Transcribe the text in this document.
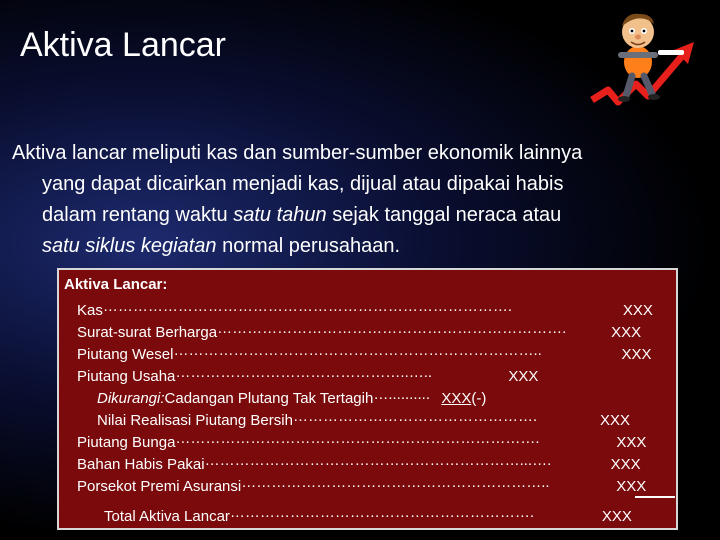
Aktiva Lancar
Aktiva lancar meliputi kas dan sumber-sumber ekonomik lainnya
yang dapat dicairkan menjadi kas, dijual atau dipakai habis
dalam rentang waktu satu tahun sejak tanggal neraca atau
satu siklus kegiatan normal perusahaan.
Aktiva Lancar:
Kas……………………………………………………………………….	XXX
Surat-surat Berharga…………………………………………………………….	XXX
Piutang Wesel………………………………………………………………..	XXX
Piutang Usaha………………………………………..…..	XXX
Dikurangi:Cadangan Plutang Tak Tertagih….......... XXX(-)
Nilai Realisasi Piutang Bersih………………………………………….	XXX
Piutang Bunga……………………………………………………………….	XXX
Bahan Habis Pakai………………………………………………………...….	XXX
Porsekot Premi Asuransi……………………………………………………..	XXX
Total Aktiva Lancar…………………………………………………….	XXX
